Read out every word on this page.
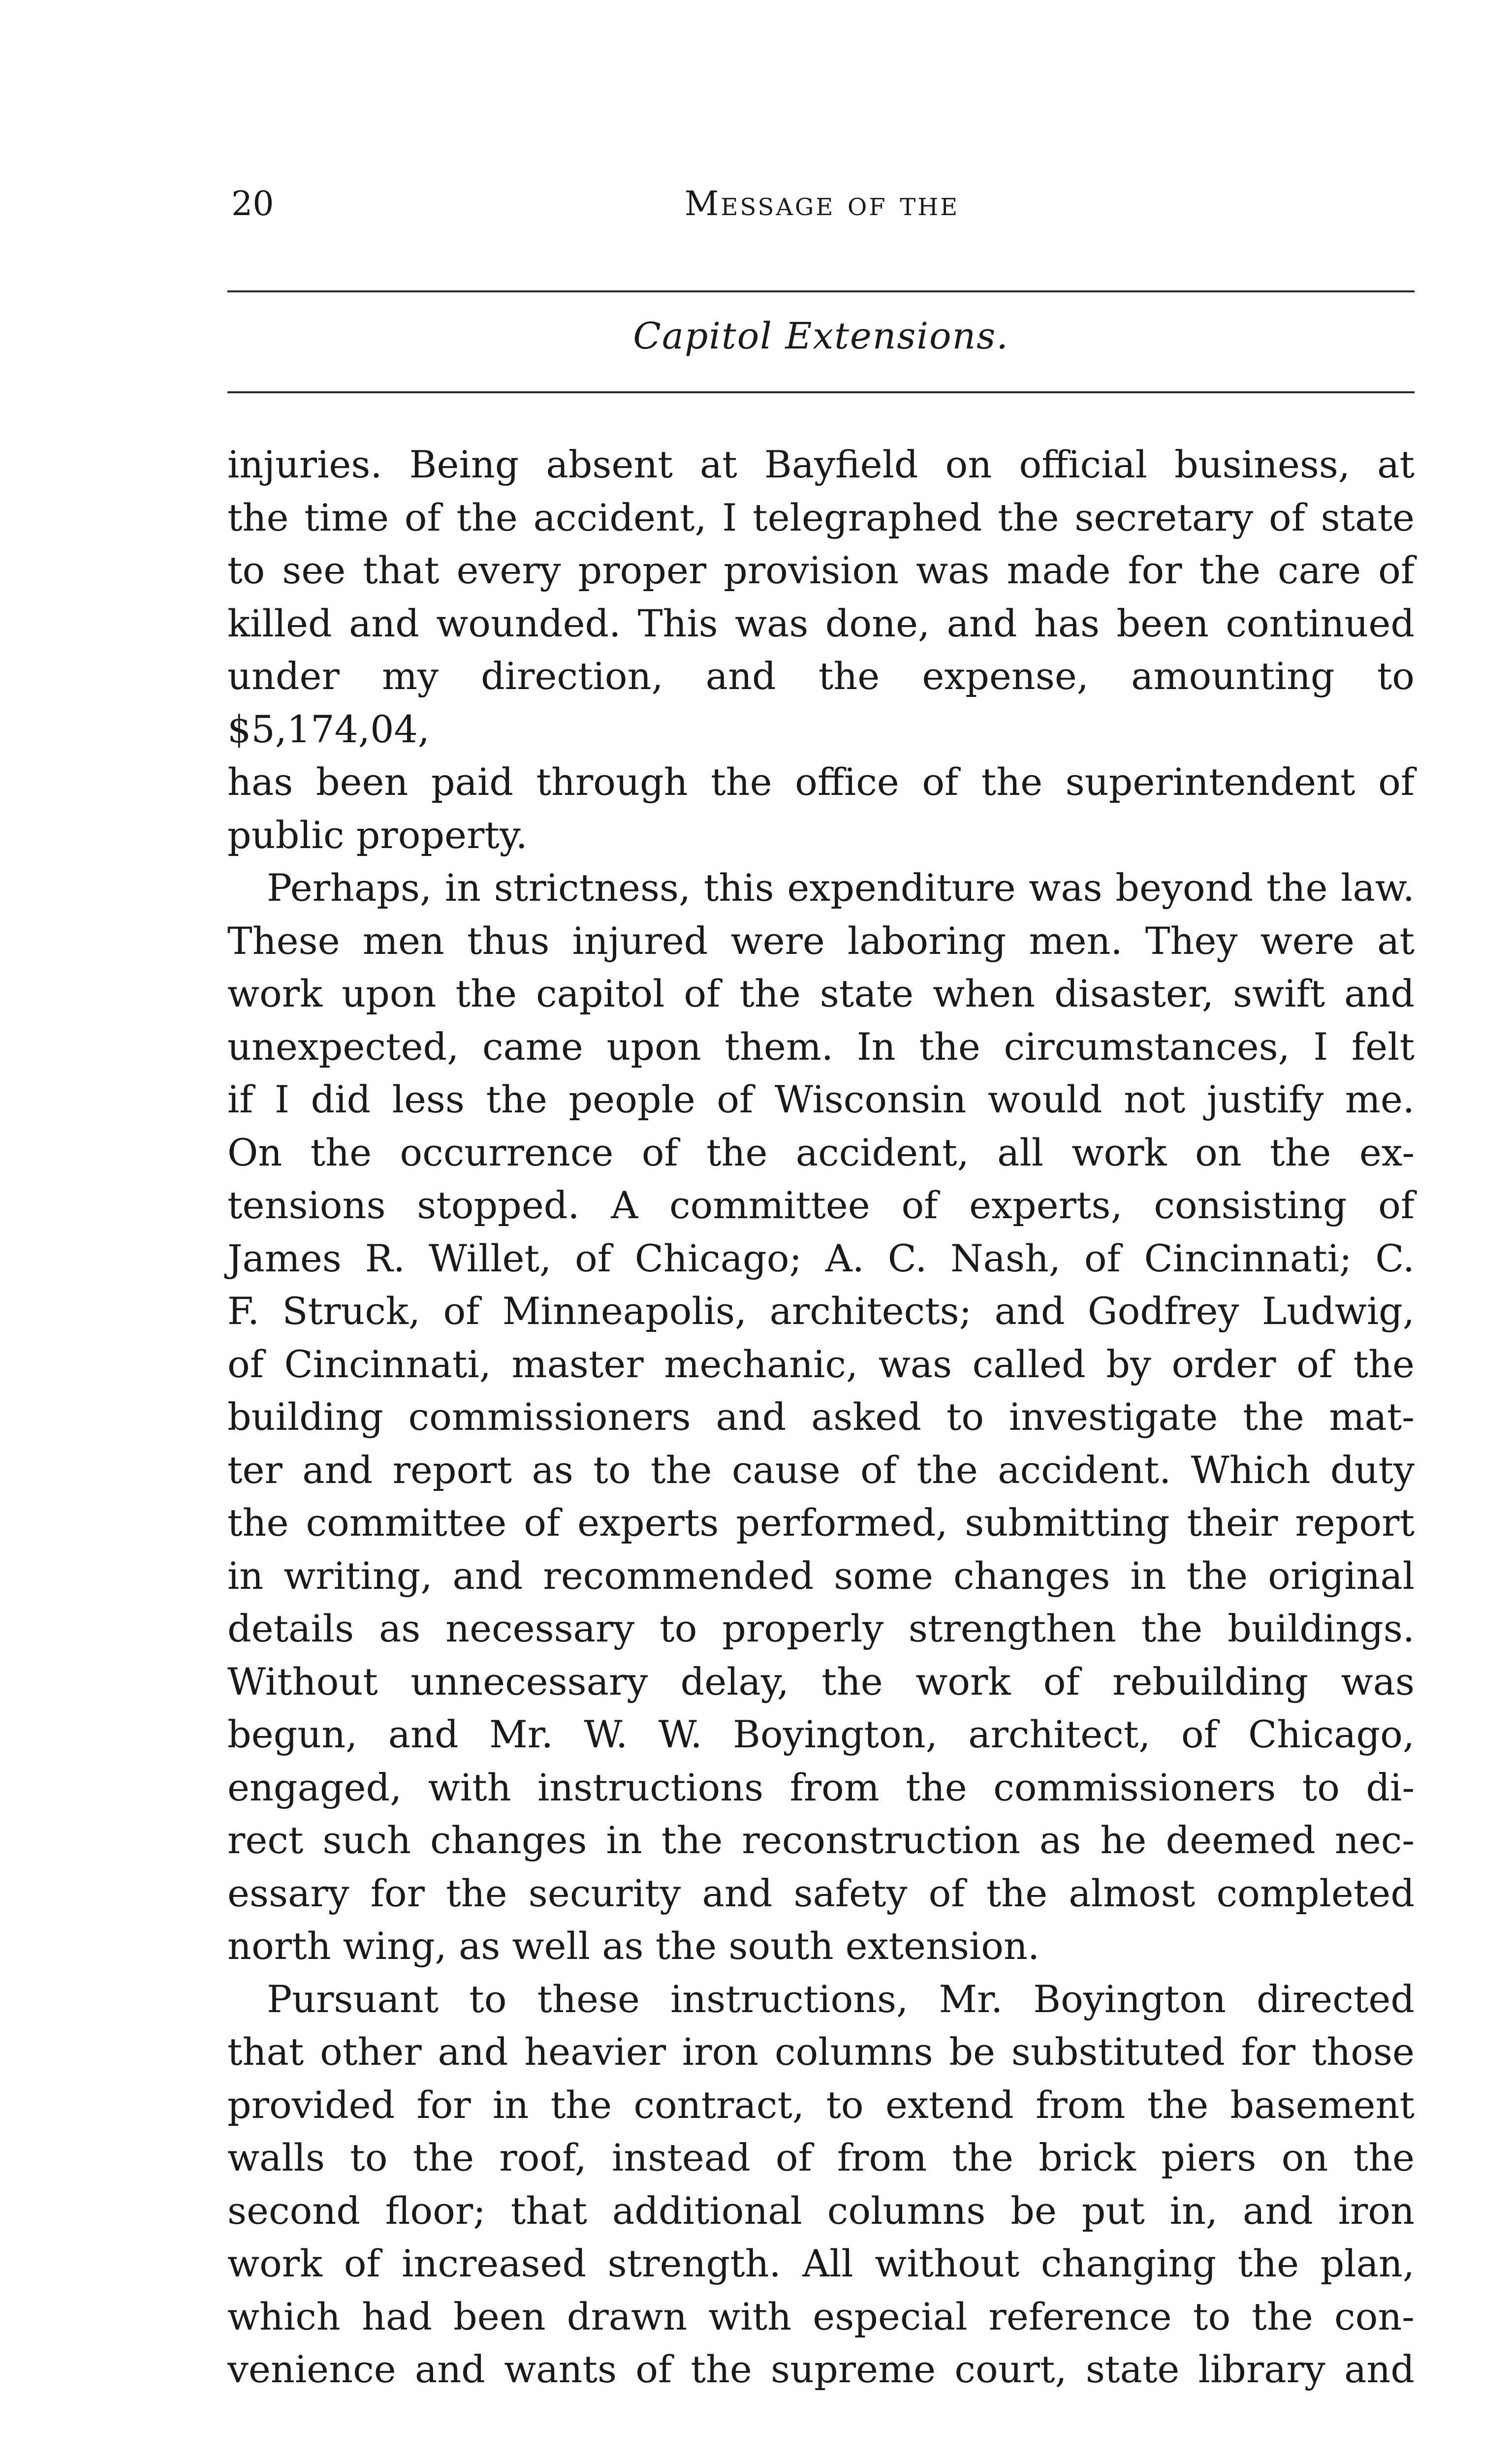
20	Message of the
Capitol Extensions.

injuries. Being absent at Bayfield on official business, at

the time of the accident, I telegraphed the secretary of state

to see that every proper provision was made for the care of

killed and wounded. This was done, and has been continued

under my direction, and the expense, amounting to $5,174,04,

has been paid through the office of the superintendent of

public property.

Perhaps, in strictness, this expenditure was beyond the law.

These men thus injured were laboring men. They were at

work upon the capitol of the state when disaster, swift and

unexpected, came upon them. In the circumstances, I felt

if I did less the people of Wisconsin would not justify me.

On the occurrence of the accident, all work on the ex-

tensions stopped. A committee of experts, consisting of

James R. Willet, of Chicago; A. C. Nash, of Cincinnati; C.

F. Struck, of Minneapolis, architects; and Godfrey Ludwig,

of Cincinnati, master mechanic, was called by order of the

building commissioners and asked to investigate the mat-

ter and report as to the cause of the accident. Which duty

the committee of experts performed, submitting their report

in writing, and recommended some changes in the original

details as necessary to properly strengthen the buildings.

Without unnecessary delay, the work of rebuilding was

begun, and Mr. W. W. Boyington, architect, of Chicago,

engaged, with instructions from the commissioners to di-

rect such changes in the reconstruction as he deemed nec-

essary for the security and safety of the almost completed

north wing, as well as the south extension.

Pursuant to these instructions, Mr. Boyington directed

that other and heavier iron columns be substituted for those

provided for in the contract, to extend from the basement

walls to the roof, instead of from the brick piers on the

second floor; that additional columns be put in, and iron

work of increased strength. All without changing the plan,

which had been drawn with especial reference to the con-

venience and wants of the supreme court, state library and
